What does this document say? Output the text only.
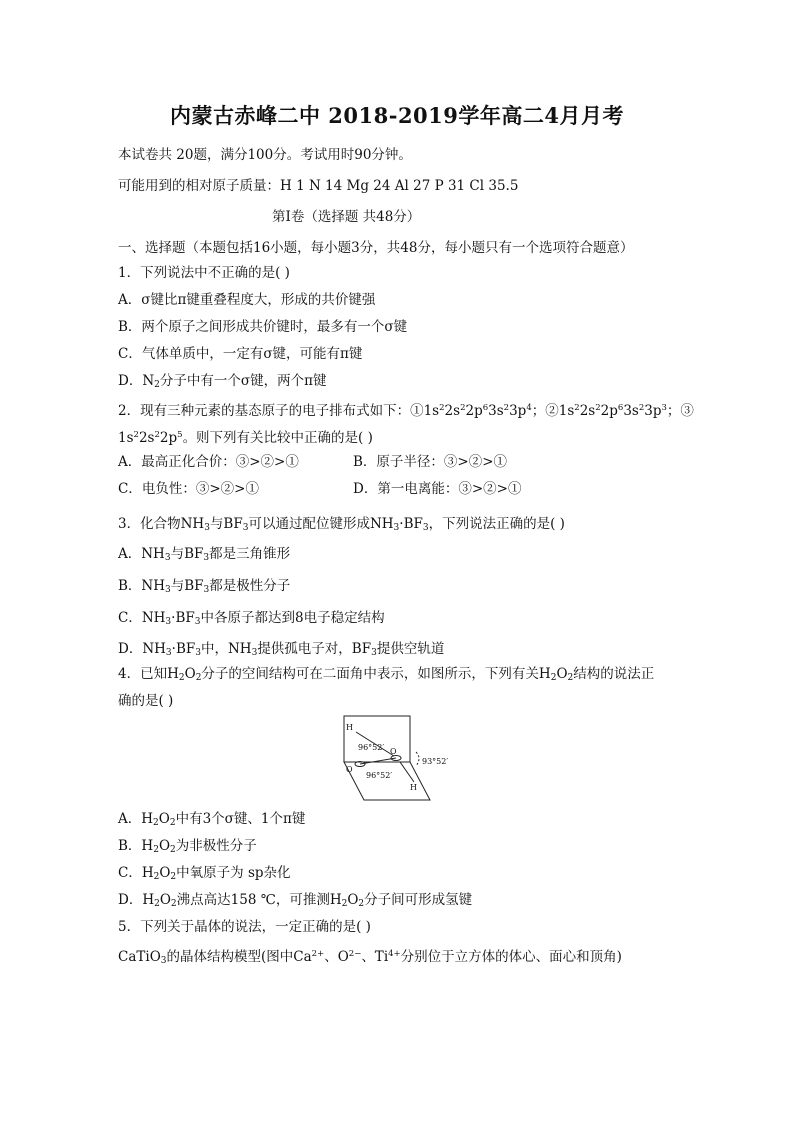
内蒙古赤峰二中 2018-2019学年高二4月月考
本试卷共 20题，满分100分。考试用时90分钟。
可能用到的相对原子质量：H 1 N 14 Mg 24 Al 27 P 31 Cl 35.5
第Ⅰ卷（选择题 共48分）
一、选择题（本题包括16小题，每小题3分，共48分，每小题只有一个选项符合题意）
1．下列说法中不正确的是( )
A．σ键比π键重叠程度大，形成的共价键强
B．两个原子之间形成共价键时，最多有一个σ键
C．气体单质中，一定有σ键，可能有π键
D．$N_2$分子中有一个σ键，两个π键
2．现有三种元素的基态原子的电子排布式如下：$①1s^22s^22p^63s^23p^4$；$②1s^22s^22p^63s^23p^3$；③
$1s^22s^22p^5$。则下列有关比较中正确的是( )
A．最高正化合价：③>②>①	B．原子半径：③>②>①
C．电负性：③>②>①	D．第一电离能：③>②>①
3．化合物$NH_3$与$BF_3$可以通过配位键形成$NH_3\cdot BF_3$，下列说法正确的是( )
A．$NH_3$与$BF_3$都是三角锥形
B．$NH_3$与$BF_3$都是极性分子
C．$NH_3\cdot BF_3$中各原子都达到8电子稳定结构
D．$NH_3\cdot BF_3$中，$NH_3$提供孤电子对，$BF_3$提供空轨道
4．已知$H_2O_2$分子的空间结构可在二面角中表示，如图所示，下列有关$H_2O_2$结构的说法正
确的是( )
H
96°52′ O
O
96°52′
H
93°52′
A．$H_2O_2$中有3个σ键、1个π键
B．$H_2O_2$为非极性分子
C．$H_2O_2$中氧原子为 sp杂化
D．$H_2O_2$沸点高达158 ℃，可推测$H_2O_2$分子间可形成氢键
5．下列关于晶体的说法，一定正确的是( )
CaTiO$_3$的晶体结构模型(图中$Ca^{2+}$、$O^{2-}$、$Ti^{4+}$分别位于立方体的体心、面心和顶角)
